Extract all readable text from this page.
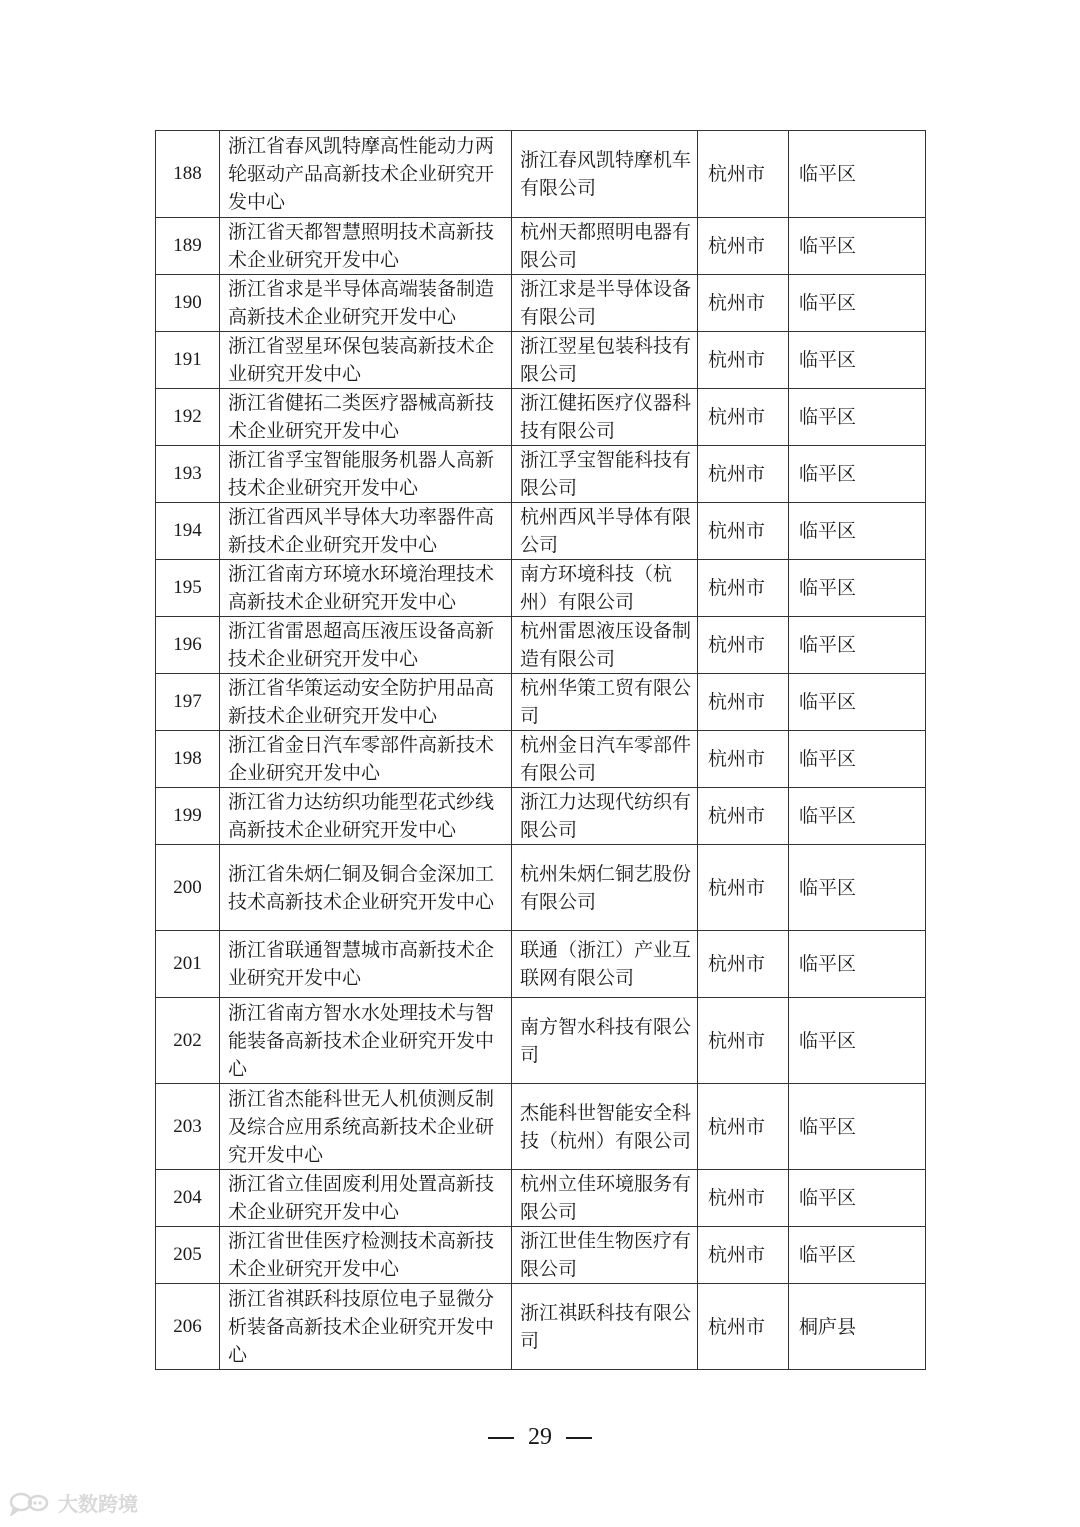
188	浙江省春风凯特摩高性能动力两轮驱动产品高新技术企业研究开发中心	浙江春风凯特摩机车有限公司	杭州市	临平区
189	浙江省天都智慧照明技术高新技术企业研究开发中心	杭州天都照明电器有限公司	杭州市	临平区
190	浙江省求是半导体高端装备制造高新技术企业研究开发中心	浙江求是半导体设备有限公司	杭州市	临平区
191	浙江省翌星环保包装高新技术企业研究开发中心	浙江翌星包装科技有限公司	杭州市	临平区
192	浙江省健拓二类医疗器械高新技术企业研究开发中心	浙江健拓医疗仪器科技有限公司	杭州市	临平区
193	浙江省孚宝智能服务机器人高新技术企业研究开发中心	浙江孚宝智能科技有限公司	杭州市	临平区
194	浙江省西风半导体大功率器件高新技术企业研究开发中心	杭州西风半导体有限公司	杭州市	临平区
195	浙江省南方环境水环境治理技术高新技术企业研究开发中心	南方环境科技（杭州）有限公司	杭州市	临平区
196	浙江省雷恩超高压液压设备高新技术企业研究开发中心	杭州雷恩液压设备制造有限公司	杭州市	临平区
197	浙江省华策运动安全防护用品高新技术企业研究开发中心	杭州华策工贸有限公司	杭州市	临平区
198	浙江省金日汽车零部件高新技术企业研究开发中心	杭州金日汽车零部件有限公司	杭州市	临平区
199	浙江省力达纺织功能型花式纱线高新技术企业研究开发中心	浙江力达现代纺织有限公司	杭州市	临平区
200	浙江省朱炳仁铜及铜合金深加工技术高新技术企业研究开发中心	杭州朱炳仁铜艺股份有限公司	杭州市	临平区
201	浙江省联通智慧城市高新技术企业研究开发中心	联通（浙江）产业互联网有限公司	杭州市	临平区
202	浙江省南方智水水处理技术与智能装备高新技术企业研究开发中心	南方智水科技有限公司	杭州市	临平区
203	浙江省杰能科世无人机侦测反制及综合应用系统高新技术企业研究开发中心	杰能科世智能安全科技（杭州）有限公司	杭州市	临平区
204	浙江省立佳固废利用处置高新技术企业研究开发中心	杭州立佳环境服务有限公司	杭州市	临平区
205	浙江省世佳医疗检测技术高新技术企业研究开发中心	浙江世佳生物医疗有限公司	杭州市	临平区
206	浙江省祺跃科技原位电子显微分析装备高新技术企业研究开发中心	浙江祺跃科技有限公司	杭州市	桐庐县
29
大数跨境
